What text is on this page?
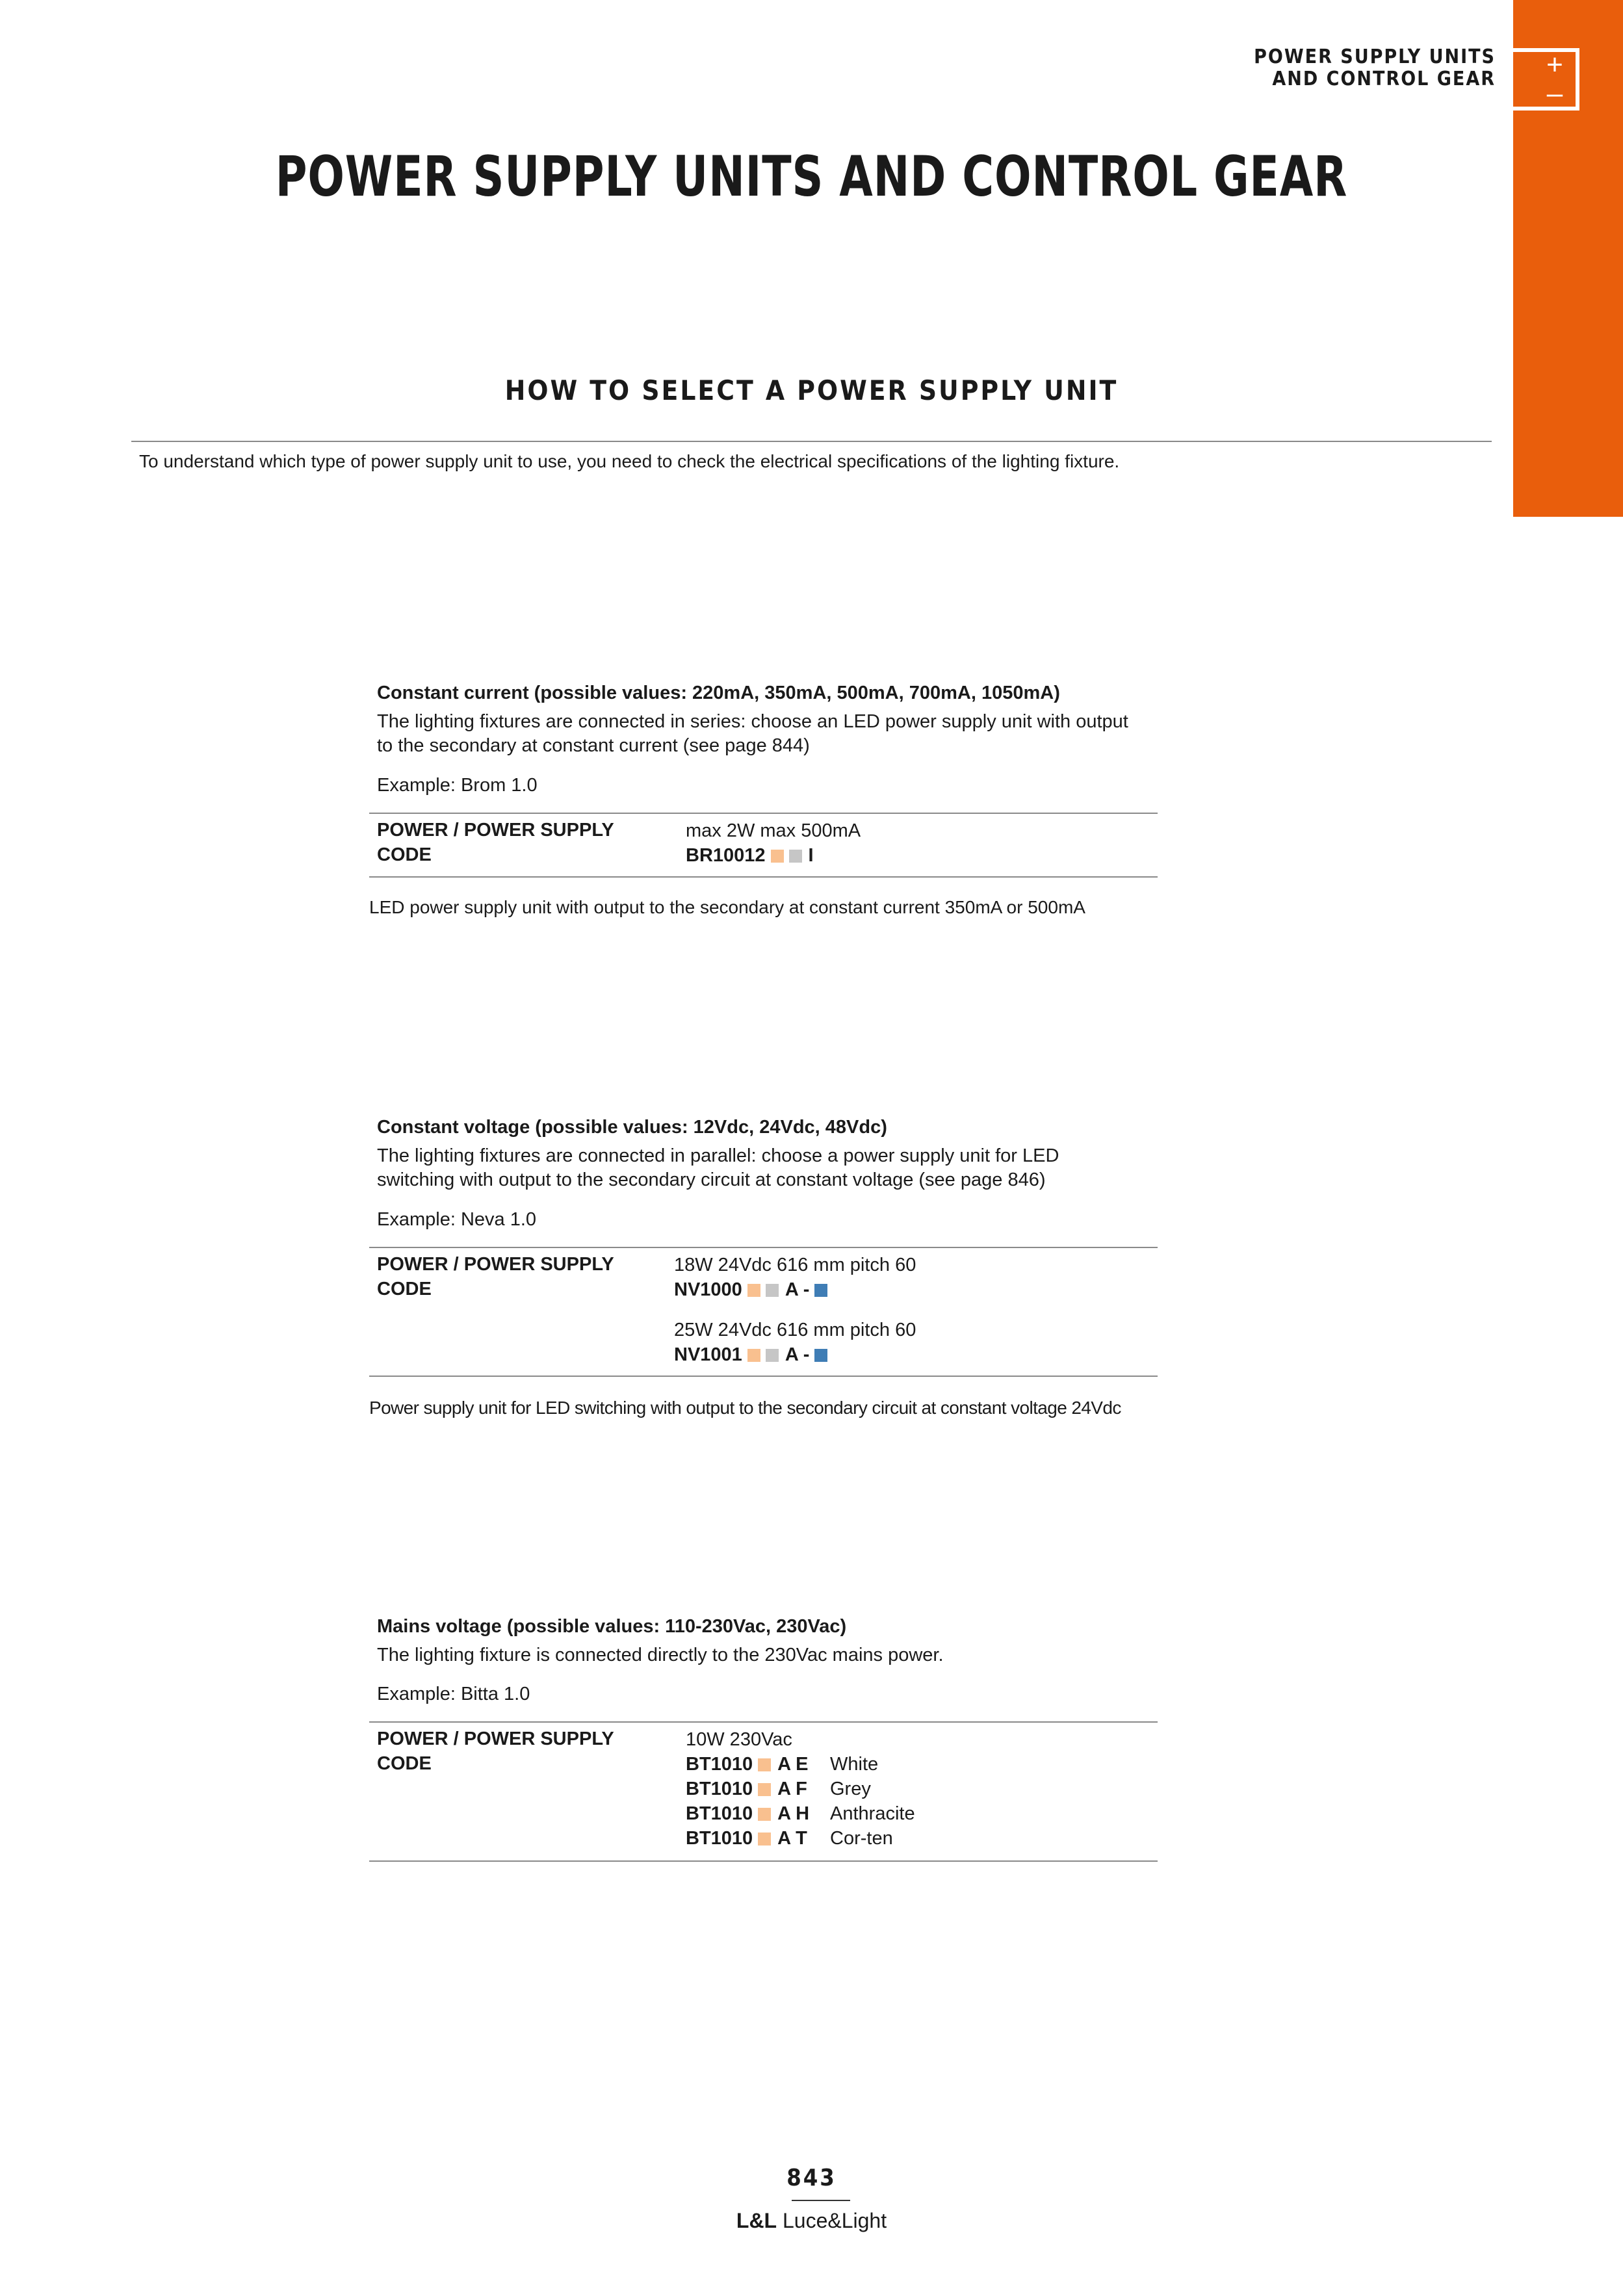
+
–
POWER SUPPLY UNITS
AND CONTROL GEAR
POWER SUPPLY UNITS AND CONTROL GEAR
HOW TO SELECT A POWER SUPPLY UNIT
To understand which type of power supply unit to use, you need to check the electrical specifications of the lighting fixture.
Constant current (possible values: 220mA, 350mA, 500mA, 700mA, 1050mA)
The lighting fixtures are connected in series: choose an LED power supply unit with output
to the secondary at constant current (see page 844)
Example: Brom 1.0
POWER / POWER SUPPLY
CODE
max 2W max 500mA
BR10012 I
LED power supply unit with output to the secondary at constant current 350mA or 500mA
Constant voltage (possible values: 12Vdc, 24Vdc, 48Vdc)
The lighting fixtures are connected in parallel: choose a power supply unit for LED
switching with output to the secondary circuit at constant voltage (see page 846)
Example: Neva 1.0
POWER / POWER SUPPLY
CODE
18W 24Vdc 616 mm pitch 60
NV1000 A -
25W 24Vdc 616 mm pitch 60
NV1001 A -
Power supply unit for LED switching with output to the secondary circuit at constant voltage 24Vdc
Mains voltage (possible values: 110-230Vac, 230Vac)
The lighting fixture is connected directly to the 230Vac mains power.
Example: Bitta 1.0
POWER / POWER SUPPLY
CODE
10W 230Vac
BT1010 A E White
BT1010 A F Grey
BT1010 A H Anthracite
BT1010 A T Cor-ten
843
L&L Luce&Light
